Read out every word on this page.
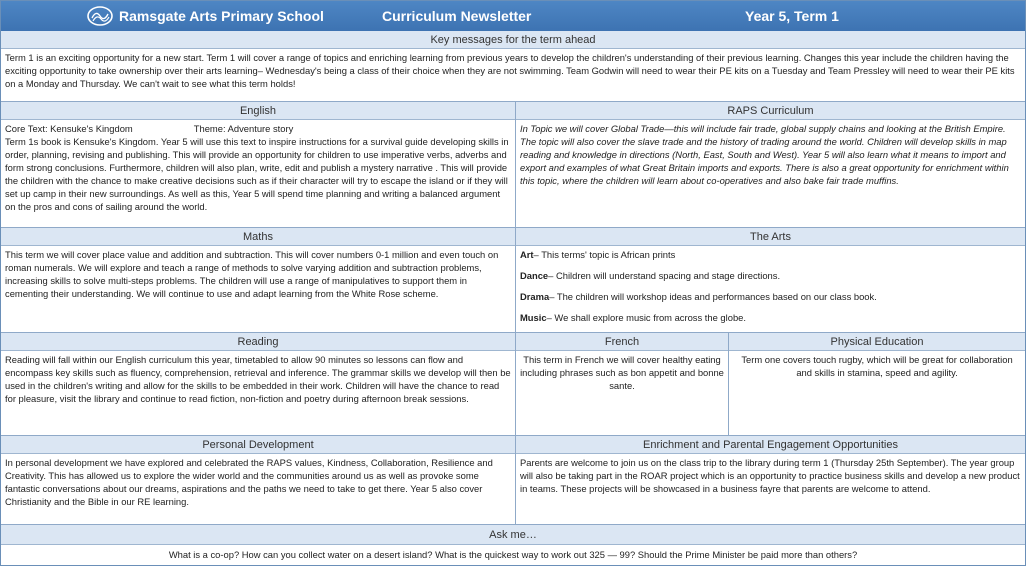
Ramsgate Arts Primary School	Curriculum Newsletter	Year 5, Term 1
Key messages for the term ahead
Term 1 is an exciting opportunity for a new start. Term 1 will cover a range of topics and enriching learning from previous years to develop the children's understanding of their previous learning. Changes this year include the children having the exciting opportunity to take ownership over their arts learning– Wednesday's being a class of their choice when they are not swimming. Team Godwin will need to wear their PE kits on a Tuesday and Team Pressley will need to wear their PE kits on a Monday and Thursday. We can't wait to see what this term holds!
English	RAPS Curriculum
Core Text: Kensuke's Kingdom	Theme: Adventure story
Term 1s book is Kensuke's Kingdom. Year 5 will use this text to inspire instructions for a survival guide developing skills in order, planning, revising and publishing. This will provide an opportunity for children to use imperative verbs, adverbs and form strong conclusions. Furthermore, children will also plan, write, edit and publish a mystery narrative . This will provide the children with the chance to make creative decisions such as if their character will try to escape the island or if they will set up camp in their new surroundings. As well as this, Year 5 will spend time planning and writing a balanced argument on the pros and cons of sailing around the world.
In Topic we will cover Global Trade—this will include fair trade, global supply chains and looking at the British Empire. The topic will also cover the slave trade and the history of trading around the world. Children will develop skills in map reading and knowledge in directions (North, East, South and West). Year 5 will also learn what it means to import and export and examples of what Great Britain imports and exports. There is also a great opportunity for enrichment within this topic, where the children will learn about co-operatives and also bake fair trade muffins.
Maths	The Arts
This term we will cover place value and addition and subtraction. This will cover numbers 0-1 million and even touch on roman numerals. We will explore and teach a range of methods to solve varying addition and subtraction problems, increasing skills to solve multi-steps problems. The children will use a range of manipulatives to support them in cementing their understanding. We will continue to use and adapt learning from the White Rose scheme.

Art– This terms' topic is African prints

Dance– Children will understand spacing and stage directions.

Drama– The children will workshop ideas and performances based on our class book.

Music– We shall explore music from across the globe.

Reading	French	Physical Education
Reading will fall within our English curriculum this year, timetabled to allow 90 minutes so lessons can flow and encompass key skills such as fluency, comprehension, retrieval and inference. The grammar skills we develop will then be used in the children's writing and allow for the skills to be embedded in their work. Children will have the chance to read for pleasure, visit the library and continue to read fiction, non-fiction and poetry during afternoon break sessions.
This term in French we will cover healthy eating including phrases such as bon appetit and bonne sante.
Term one covers touch rugby, which will be great for collaboration and skills in stamina, speed and agility.
Personal Development	Enrichment and Parental Engagement Opportunities
In personal development we have explored and celebrated the RAPS values, Kindness, Collaboration, Resilience and Creativity. This has allowed us to explore the wider world and the communities around us as well as provoke some fantastic conversations about our dreams, aspirations and the paths we need to take to get there. Year 5 also cover Christianity and the Bible in our RE learning.
Parents are welcome to join us on the class trip to the library during term 1 (Thursday 25th September). The year group will also be taking part in the ROAR project which is an opportunity to practice business skills and develop a new product in teams. These projects will be showcased in a business fayre that parents are welcome to attend.
Ask me…
What is a co-op? How can you collect water on a desert island? What is the quickest way to work out 325 — 99? Should the Prime Minister be paid more than others?
